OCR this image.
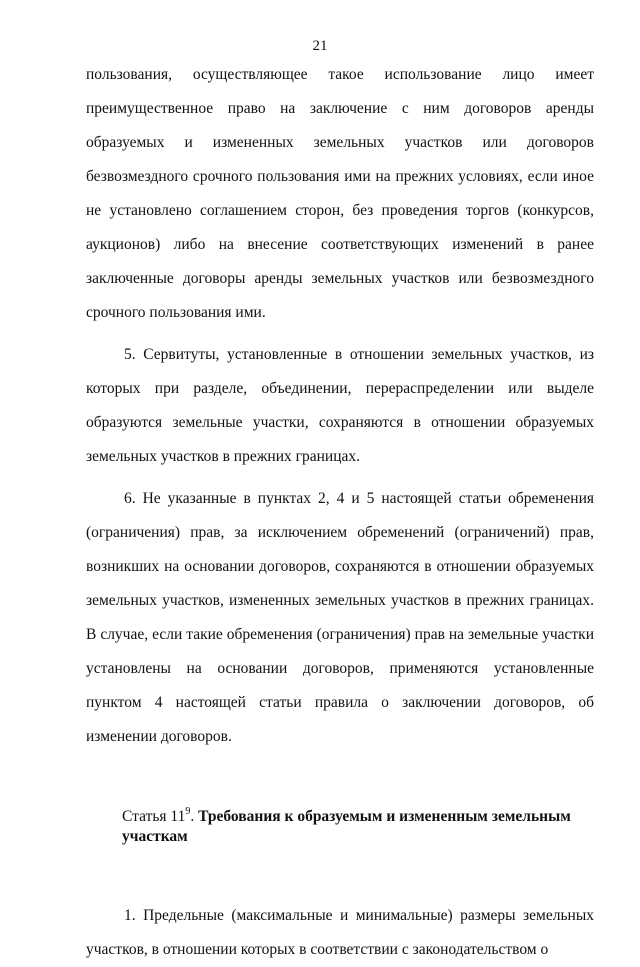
21

пользования, осуществляющее такое использование лицо имеет преимущественное право на заключение с ним договоров аренды образуемых и измененных земельных участков или договоров безвозмездного срочного пользования ими на прежних условиях, если иное не установлено соглашением сторон, без проведения торгов (конкурсов, аукционов) либо на внесение соответствующих изменений в ранее заключенные договоры аренды земельных участков или безвозмездного срочного пользования ими.

5. Сервитуты, установленные в отношении земельных участков, из которых при разделе, объединении, перераспределении или выделе образуются земельные участки, сохраняются в отношении образуемых земельных участков в прежних границах.

6. Не указанные в пунктах 2, 4 и 5 настоящей статьи обременения (ограничения) прав, за исключением обременений (ограничений) прав, возникших на основании договоров, сохраняются в отношении образуемых земельных участков, измененных земельных участков в прежних границах. В случае, если такие обременения (ограничения) прав на земельные участки установлены на основании договоров, применяются установленные пунктом 4 настоящей статьи правила о заключении договоров, об изменении договоров.

Статья $11^9$. Требования к образуемым и измененным земельным участкам

1. Предельные (максимальные и минимальные) размеры земельных участков, в отношении которых в соответствии с законодательством о
